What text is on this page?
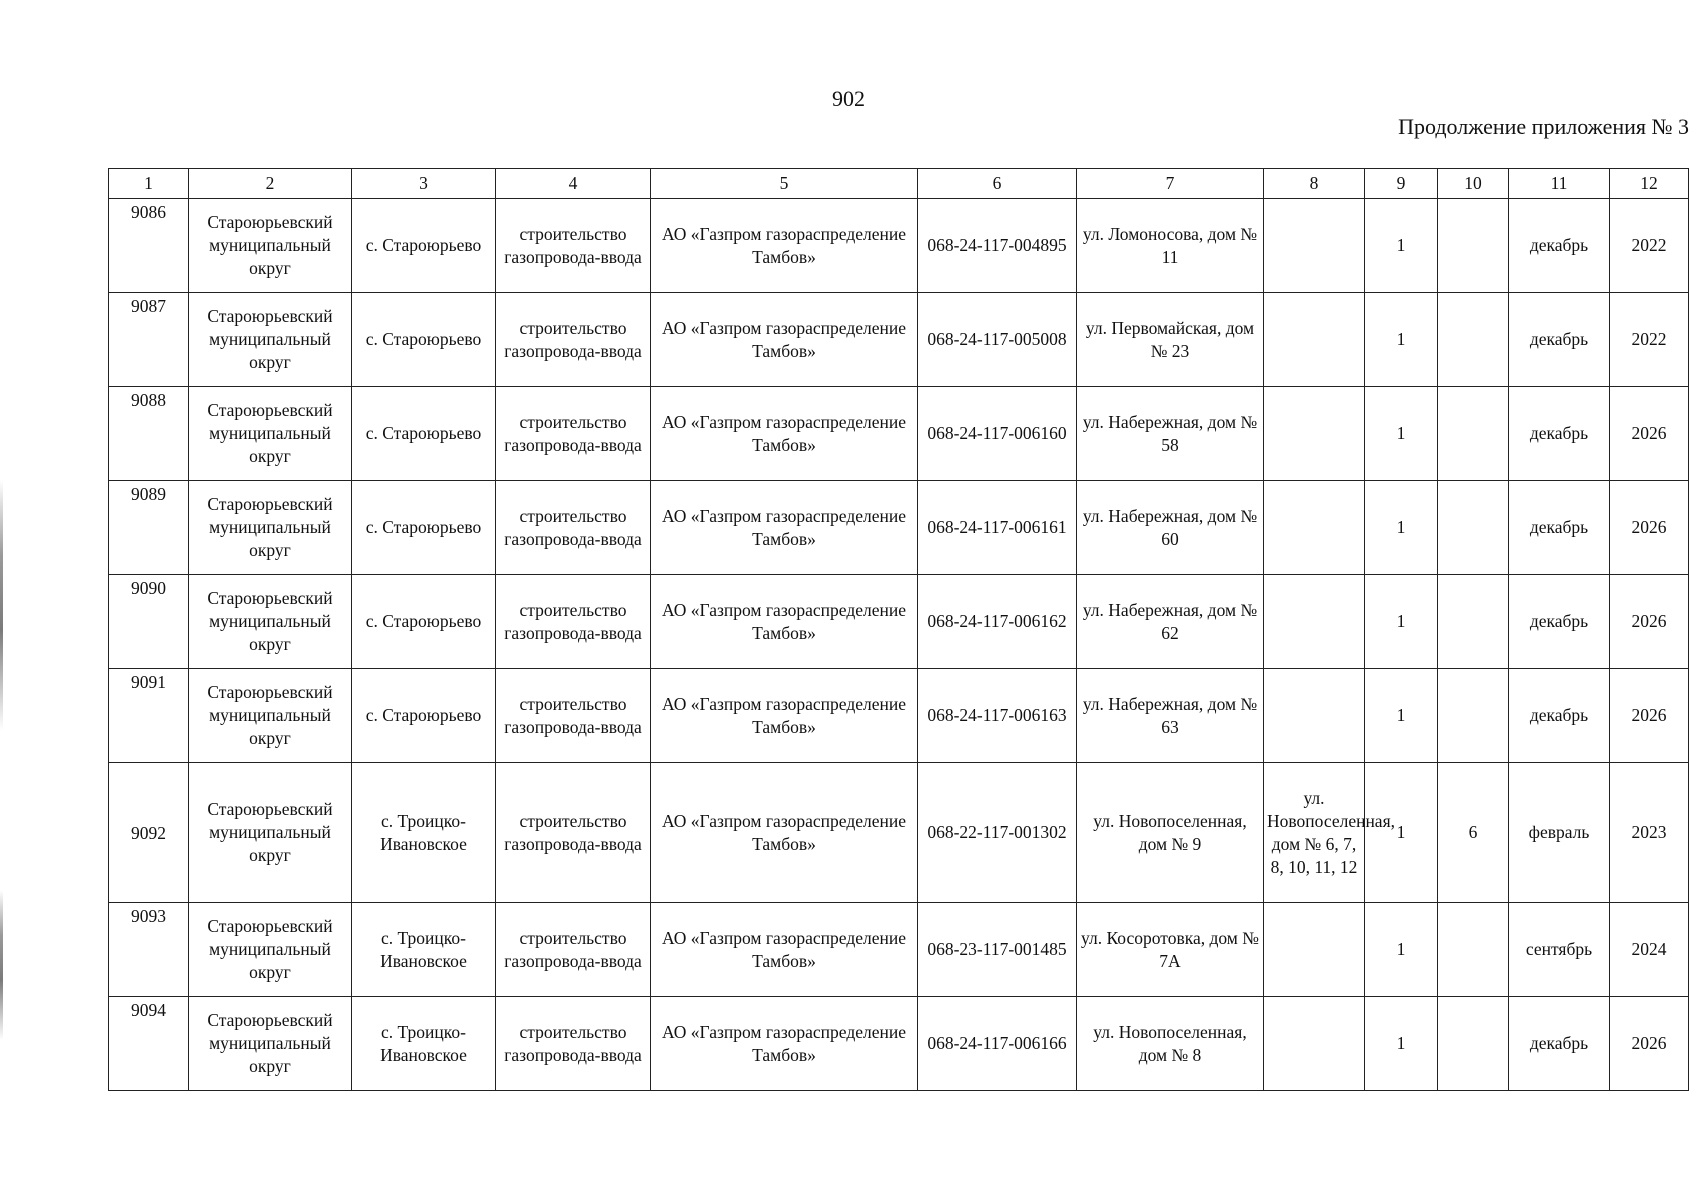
902
Продолжение приложения № 3
1	2	3	4	5	6	7	8	9	10	11	12
9086	Староюрьевский муниципальный округ	с. Староюрьево	строительство газопровода-ввода	АО «Газпром газораспределение Тамбов»	068-24-117-004895	ул. Ломоносова, дом № 11		1		декабрь	2022
9087	Староюрьевский муниципальный округ	с. Староюрьево	строительство газопровода-ввода	АО «Газпром газораспределение Тамбов»	068-24-117-005008	ул. Первомайская, дом № 23		1		декабрь	2022
9088	Староюрьевский муниципальный округ	с. Староюрьево	строительство газопровода-ввода	АО «Газпром газораспределение Тамбов»	068-24-117-006160	ул. Набережная, дом № 58		1		декабрь	2026
9089	Староюрьевский муниципальный округ	с. Староюрьево	строительство газопровода-ввода	АО «Газпром газораспределение Тамбов»	068-24-117-006161	ул. Набережная, дом № 60		1		декабрь	2026
9090	Староюрьевский муниципальный округ	с. Староюрьево	строительство газопровода-ввода	АО «Газпром газораспределение Тамбов»	068-24-117-006162	ул. Набережная, дом № 62		1		декабрь	2026
9091	Староюрьевский муниципальный округ	с. Староюрьево	строительство газопровода-ввода	АО «Газпром газораспределение Тамбов»	068-24-117-006163	ул. Набережная, дом № 63		1		декабрь	2026
9092	Староюрьевский муниципальный округ	с. Троицко-Ивановское	строительство газопровода-ввода	АО «Газпром газораспределение Тамбов»	068-22-117-001302	ул. Новопоселенная, дом № 9	ул. Новопоселенная, дом № 6, 7, 8, 10, 11, 12	1	6	февраль	2023
9093	Староюрьевский муниципальный округ	с. Троицко-Ивановское	строительство газопровода-ввода	АО «Газпром газораспределение Тамбов»	068-23-117-001485	ул. Косоротовка, дом № 7А		1		сентябрь	2024
9094	Староюрьевский муниципальный округ	с. Троицко-Ивановское	строительство газопровода-ввода	АО «Газпром газораспределение Тамбов»	068-24-117-006166	ул. Новопоселенная, дом № 8		1		декабрь	2026
